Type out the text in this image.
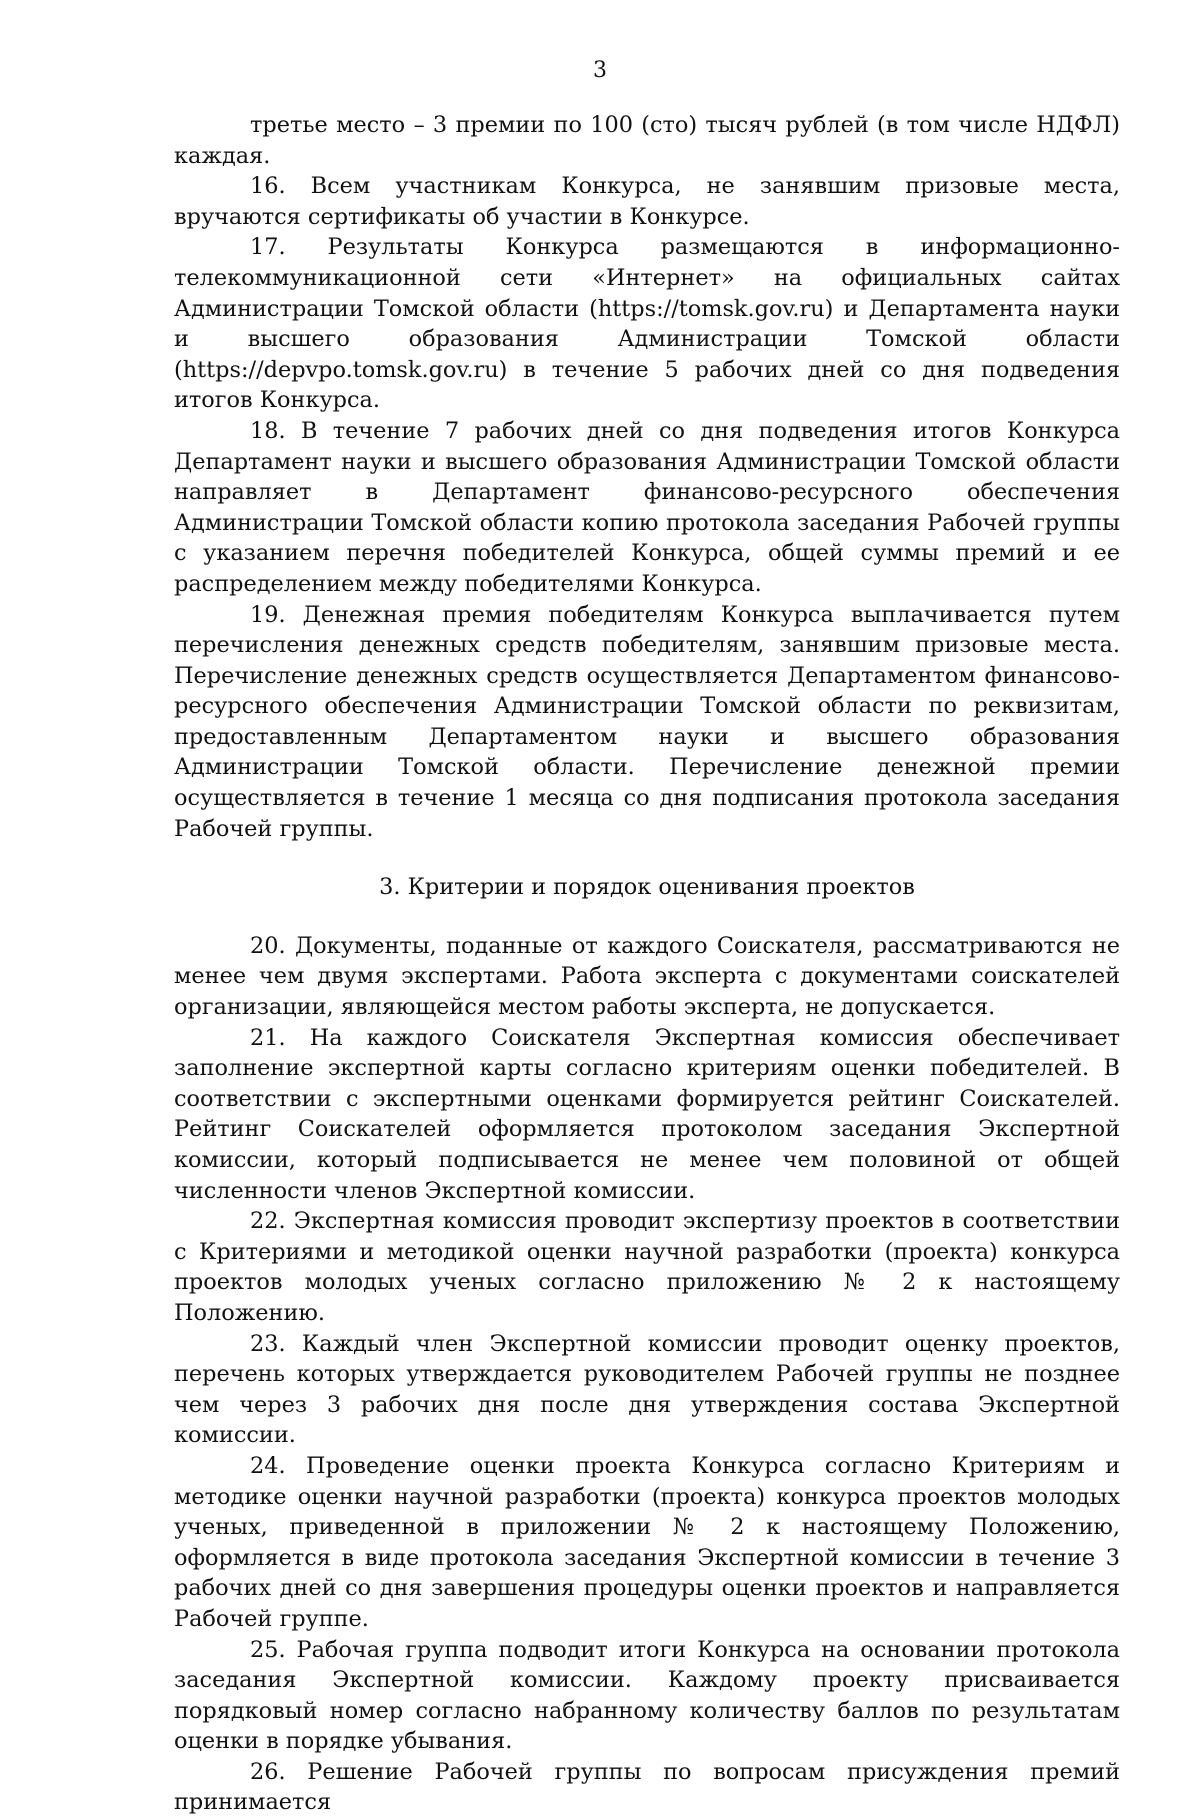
3

третье место – 3 премии по 100 (сто) тысяч рублей (в том числе НДФЛ) каждая.

16. Всем участникам Конкурса, не занявшим призовые места, вручаются сертификаты об участии в Конкурсе.

17. Результаты Конкурса размещаются в информационно-телекоммуникационной сети «Интернет» на официальных сайтах Администрации Томской области (https://tomsk.gov.ru) и Департамента науки и высшего образования Администрации Томской области (https://depvpo.tomsk.gov.ru) в течение 5 рабочих дней со дня подведения итогов Конкурса.

18. В течение 7 рабочих дней со дня подведения итогов Конкурса Департамент науки и высшего образования Администрации Томской области направляет в Департамент финансово-ресурсного обеспечения Администрации Томской области копию протокола заседания Рабочей группы с указанием перечня победителей Конкурса, общей суммы премий и ее распределением между победителями Конкурса.

19. Денежная премия победителям Конкурса выплачивается путем перечисления денежных средств победителям, занявшим призовые места. Перечисление денежных средств осуществляется Департаментом финансово-ресурсного обеспечения Администрации Томской области по реквизитам, предоставленным Департаментом науки и высшего образования Администрации Томской области. Перечисление денежной премии осуществляется в течение 1 месяца со дня подписания протокола заседания Рабочей группы.

3. Критерии и порядок оценивания проектов

20. Документы, поданные от каждого Соискателя, рассматриваются не менее чем двумя экспертами. Работа эксперта с документами соискателей организации, являющейся местом работы эксперта, не допускается.

21. На каждого Соискателя Экспертная комиссия обеспечивает заполнение экспертной карты согласно критериям оценки победителей. В соответствии с экспертными оценками формируется рейтинг Соискателей. Рейтинг Соискателей оформляется протоколом заседания Экспертной комиссии, который подписывается не менее чем половиной от общей численности членов Экспертной комиссии.

22. Экспертная комиссия проводит экспертизу проектов в соответствии с Критериями и методикой оценки научной разработки (проекта) конкурса проектов молодых ученых согласно приложению № 2 к настоящему Положению.

23. Каждый член Экспертной комиссии проводит оценку проектов, перечень которых утверждается руководителем Рабочей группы не позднее чем через 3 рабочих дня после дня утверждения состава Экспертной комиссии.

24. Проведение оценки проекта Конкурса согласно Критериям и методике оценки научной разработки (проекта) конкурса проектов молодых ученых, приведенной в приложении № 2 к настоящему Положению, оформляется в виде протокола заседания Экспертной комиссии в течение 3 рабочих дней со дня завершения процедуры оценки проектов и направляется Рабочей группе.

25. Рабочая группа подводит итоги Конкурса на основании протокола заседания Экспертной комиссии. Каждому проекту присваивается порядковый номер согласно набранному количеству баллов по результатам оценки в порядке убывания.

26. Решение Рабочей группы по вопросам присуждения премий принимается
